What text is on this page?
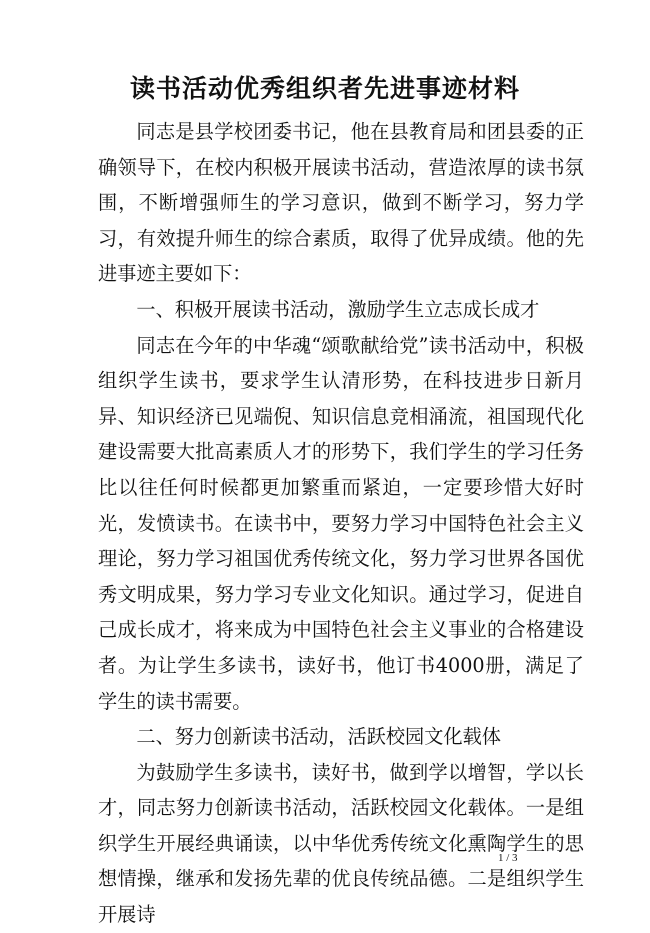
读书活动优秀组织者先进事迹材料

同志是县学校团委书记，他在县教育局和团县委的正确领导下，在校内积极开展读书活动，营造浓厚的读书氛围，不断增强师生的学习意识，做到不断学习，努力学习，有效提升师生的综合素质，取得了优异成绩。他的先进事迹主要如下：

一、积极开展读书活动，激励学生立志成长成才

同志在今年的中华魂“颂歌献给党”读书活动中，积极组织学生读书，要求学生认清形势，在科技进步日新月异、知识经济已见端倪、知识信息竞相涌流，祖国现代化建设需要大批高素质人才的形势下，我们学生的学习任务比以往任何时候都更加繁重而紧迫，一定要珍惜大好时光，发愤读书。在读书中，要努力学习中国特色社会主义理论，努力学习祖国优秀传统文化，努力学习世界各国优秀文明成果，努力学习专业文化知识。通过学习，促进自己成长成才，将来成为中国特色社会主义事业的合格建设者。为让学生多读书，读好书，他订书4000册，满足了学生的读书需要。

二、努力创新读书活动，活跃校园文化载体

为鼓励学生多读书，读好书，做到学以增智，学以长才，同志努力创新读书活动，活跃校园文化载体。一是组织学生开展经典诵读，以中华优秀传统文化熏陶学生的思想情操，继承和发扬先辈的优良传统品德。二是组织学生开展诗

1 / 3
